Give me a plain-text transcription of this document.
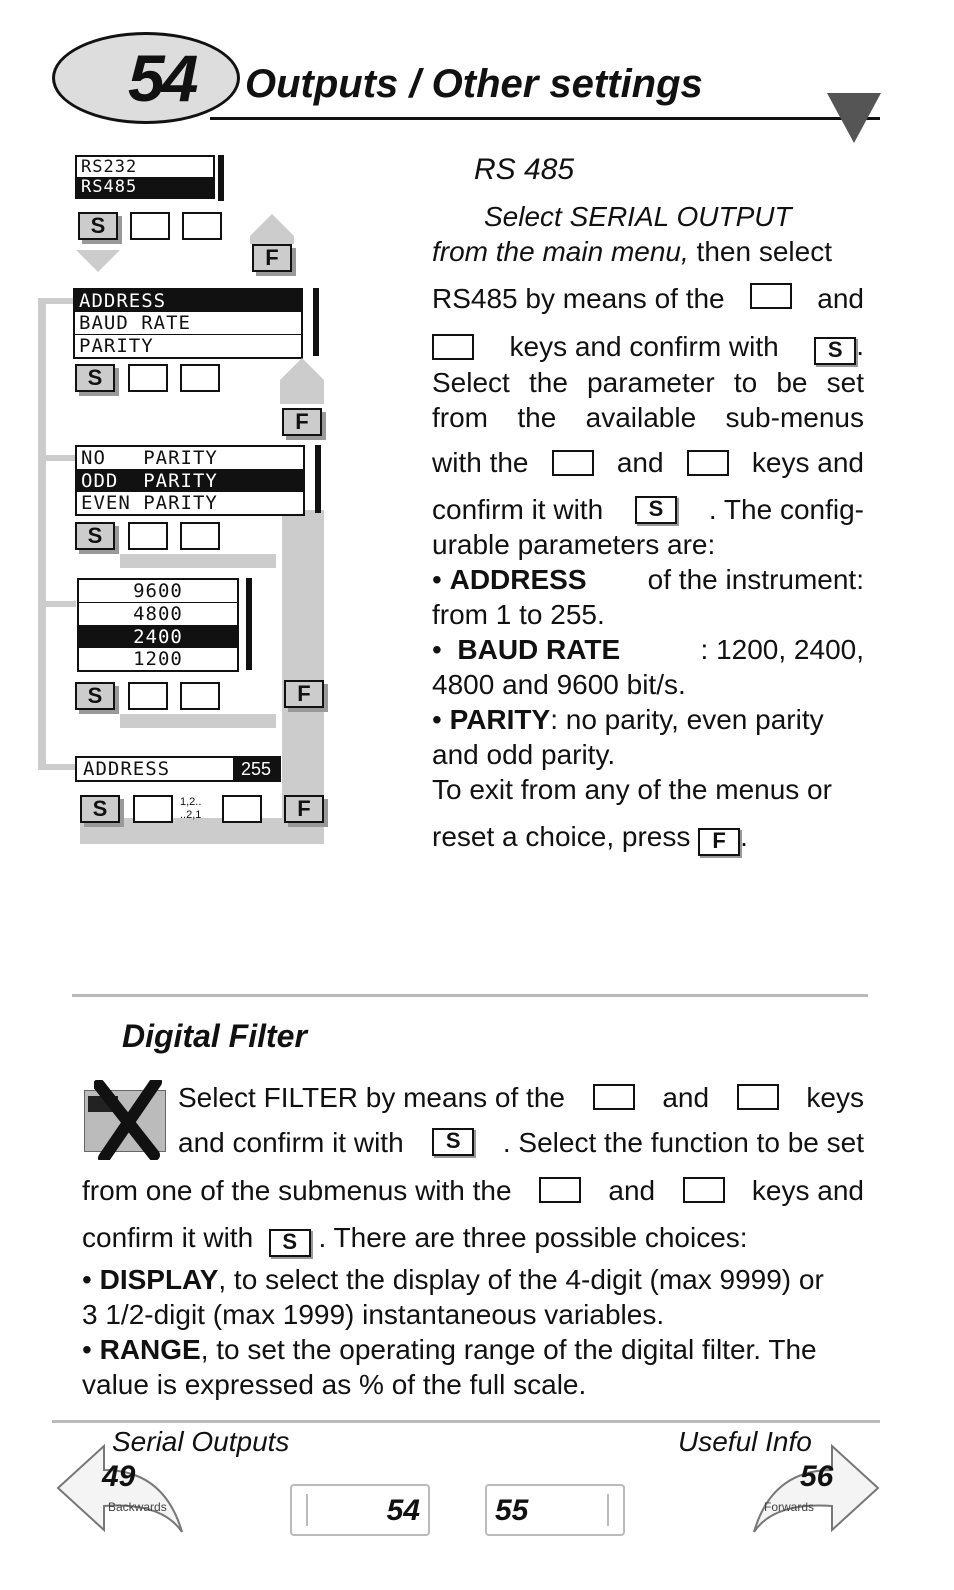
54 Outputs / Other settings
RS232
RS485
S
F
ADDRESS
BAUD RATE
PARITY
S
F
NO   PARITY
ODD  PARITY
EVEN PARITY
S
9600
4800
2400
1200
S	F
ADDRESS	255
S	1,2..
..2,1	F
RS 485
Select SERIAL OUTPUT
from the main menu, then select
RS485 by means of the	and
keys and confirm with	S .
Select the parameter to be set
from the available sub-menus
with the	and	keys and
confirm it with	S	. The config-
urable parameters are:
• ADDRESS of the instrument:
from 1 to 255.
•  BAUD RATE	: 1200, 2400,
4800 and 9600 bit/s.
• PARITY: no parity, even parity
and odd parity.
To exit from any of the menus or
reset a choice, press F .
Digital Filter
Select FILTER by means of the	and	keys
and confirm it with	S	. Select the function to be set
from one of the submenus with the	and	keys and
confirm it with S . There are three possible choices:
• DISPLAY, to select the display of the 4-digit (max 9999) or
3 1/2-digit (max 1999) instantaneous variables.
• RANGE, to set the operating range of the digital filter. The
value is expressed as % of the full scale.
Serial Outputs	Useful Info
49
Backwards
56
Forwards
54	55
